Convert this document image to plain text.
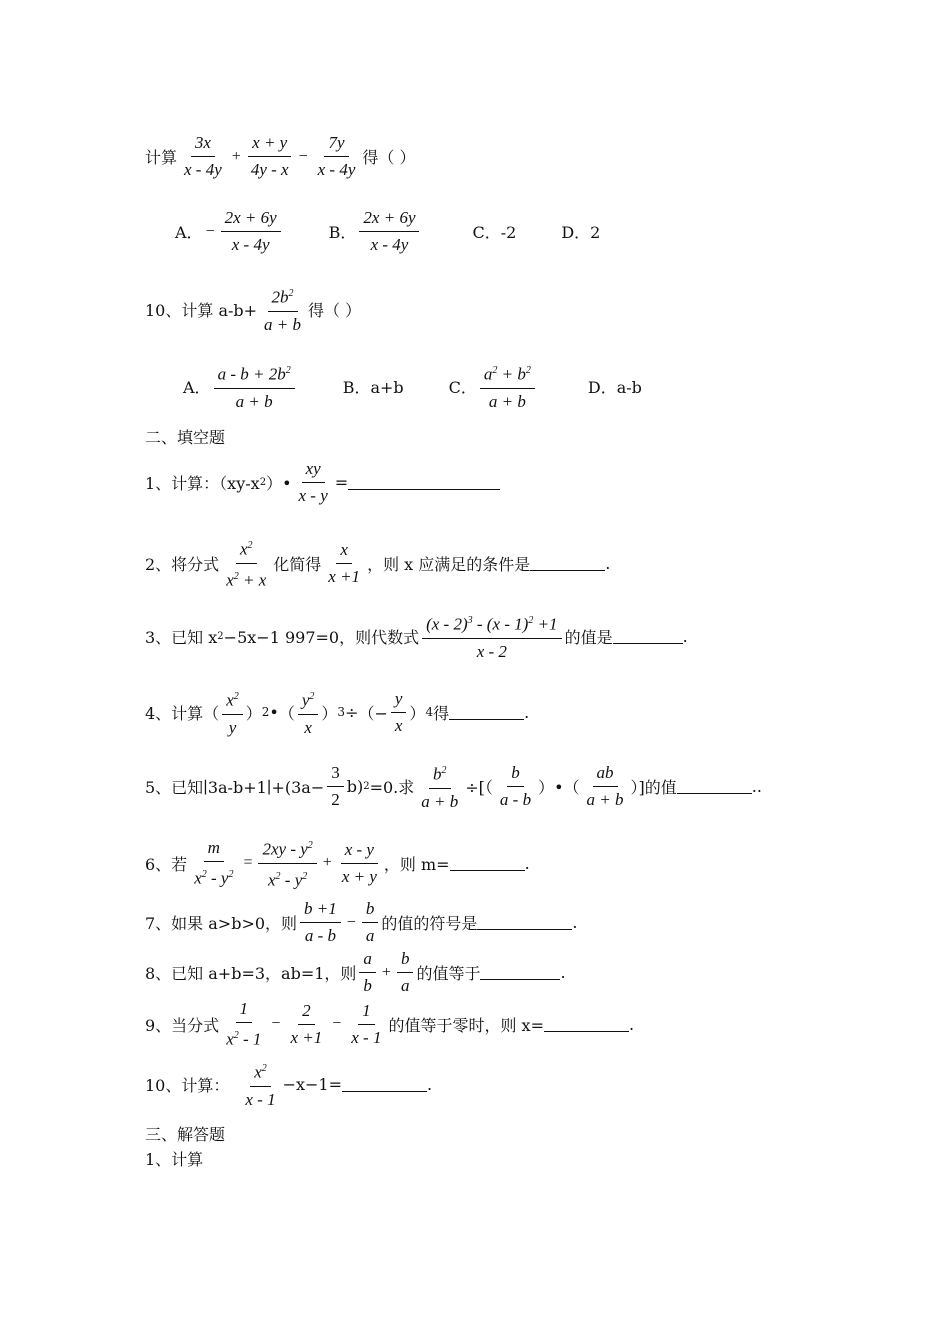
计算 $\frac{3x}{x - 4y} + \frac{x + y}{4y - x} - \frac{7y}{x - 4y}$ 得（ ）
A． − $\frac{2x + 6y}{x - 4y}$	B． $\frac{2x + 6y}{x - 4y}$	C．-2	D．2
10、计算 $a-b+ \frac{2b^2}{a + b}$ 得（ ）
A． $\frac{a - b + 2b^2}{a + b}$	B．a+b	C． $\frac{a^2 + b^2}{a + b}$	D．a-b
二、填空题
1、计算：（xy-x 2 ）• $\frac{xy}{x - y}$ =
2、将分式 $\frac{x^2}{x^2 + x}$ 化简得 $\frac{x}{x +1}$ ，则 x 应满足的条件是	.
3、已知 x 2 −5x−1 997=0，则代数式 $\frac{(x - 2)^3 - (x - 1)^2 +1}{x - 2}$ 的值是	.
4、计算（ $\frac{x^2}{y}$ ） 2 • （ $\frac{y^2}{x}$ ） 3 ÷ （− $\frac{y}{x}$ ） 4 得	.
5、已知∣3a-b+1∣+(3a− $\frac{3}{2} b$) 2 =0.求 $\frac{b^2}{a + b}$ ÷[（ $\frac{b}{a - b}$ ）•（ $\frac{ab}{a + b}$ ）]的值	..
6、若 $\frac{m}{x^2 - y^2} = \frac{2xy - y^2}{x^2 - y^2} + \frac{x - y}{x + y}$ ，则 m=	.
7、如果 a>b>0，则 $\frac{b +1}{a - b} - \frac{b}{a}$ 的值的符号是	.
8、已知 a+b=3，ab=1，则 $\frac{a}{b} + \frac{b}{a}$ 的值等于	.
9、当分式 $\frac{1}{x^2 - 1} - \frac{2}{x +1} - \frac{1}{x - 1}$ 的值等于零时，则 x=	.
10、计算： $\frac{x^2}{x - 1} -x-1=$	.
三、解答题
1、计算
